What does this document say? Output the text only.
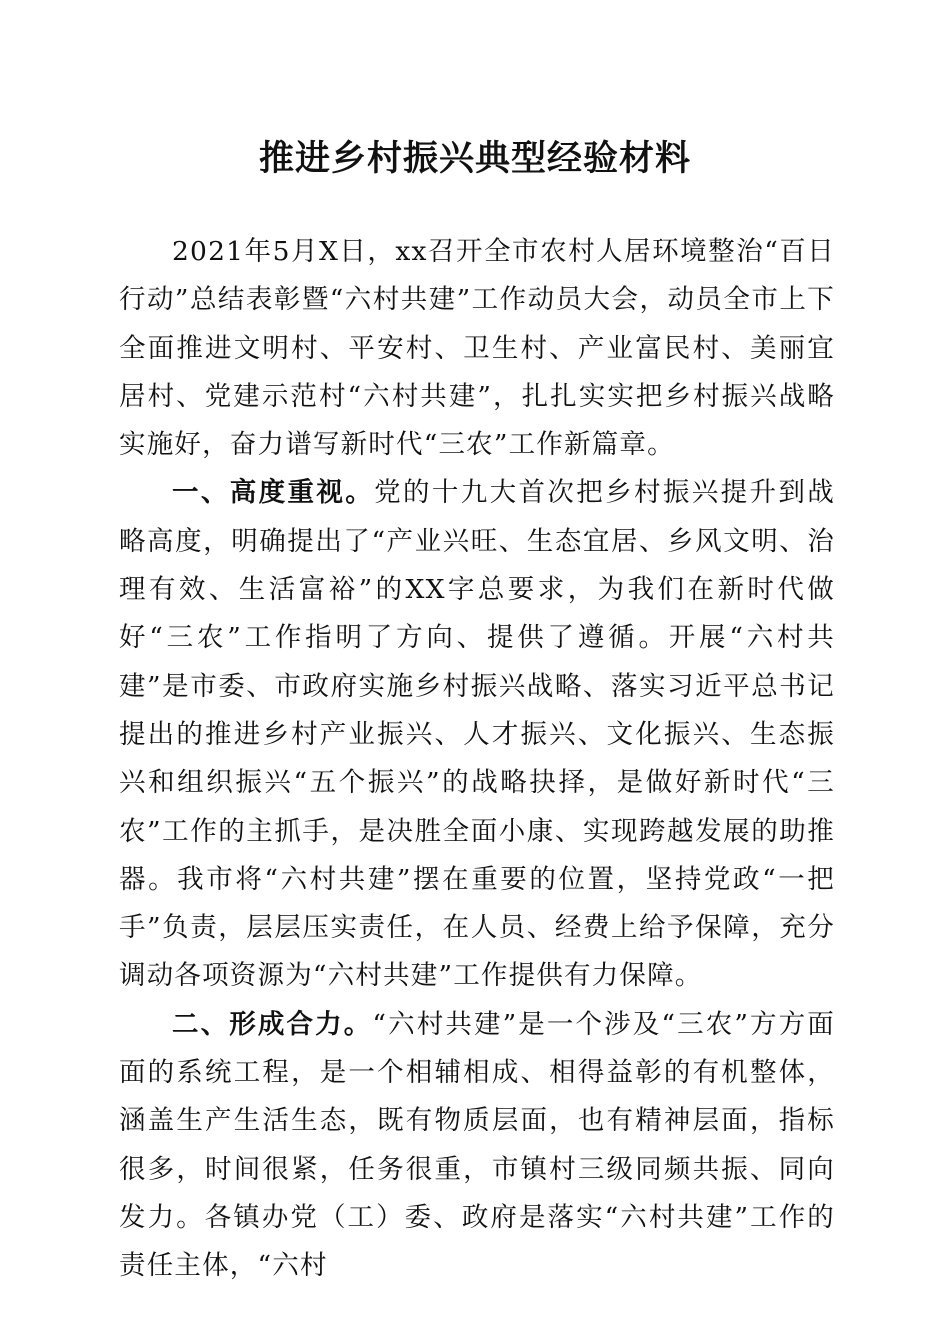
推进乡村振兴典型经验材料

2021年5月X日，xx召开全市农村人居环境整治“百日行动”总结表彰暨“六村共建”工作动员大会，动员全市上下全面推进文明村、平安村、卫生村、产业富民村、美丽宜居村、党建示范村“六村共建”，扎扎实实把乡村振兴战略实施好，奋力谱写新时代“三农”工作新篇章。

一、高度重视。党的十九大首次把乡村振兴提升到战略高度，明确提出了“产业兴旺、生态宜居、乡风文明、治理有效、生活富裕”的XX字总要求，为我们在新时代做好“三农”工作指明了方向、提供了遵循。开展“六村共建”是市委、市政府实施乡村振兴战略、落实习近平总书记提出的推进乡村产业振兴、人才振兴、文化振兴、生态振兴和组织振兴“五个振兴”的战略抉择，是做好新时代“三农”工作的主抓手，是决胜全面小康、实现跨越发展的助推器。我市将“六村共建”摆在重要的位置，坚持党政“一把手”负责，层层压实责任，在人员、经费上给予保障，充分调动各项资源为“六村共建”工作提供有力保障。

二、形成合力。“六村共建”是一个涉及“三农”方方面面的系统工程，是一个相辅相成、相得益彰的有机整体，涵盖生产生活生态，既有物质层面，也有精神层面，指标很多，时间很紧，任务很重，市镇村三级同频共振、同向发力。各镇办党（工）委、政府是落实“六村共建”工作的责任主体，“六村
